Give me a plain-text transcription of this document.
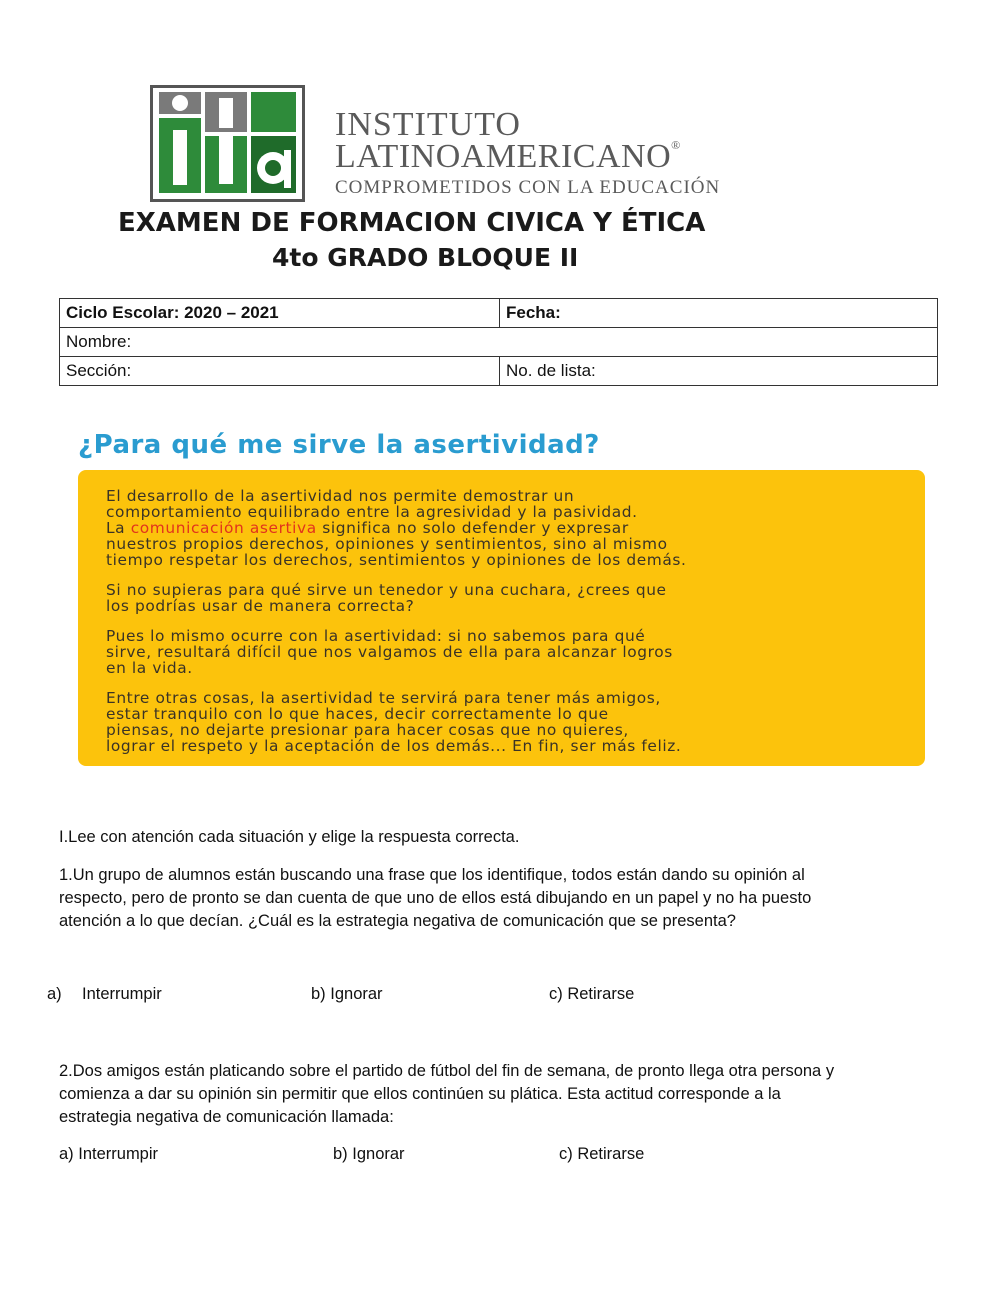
INSTITUTO
LATINOAMERICANO®
COMPROMETIDOS CON LA EDUCACIÓN
EXAMEN DE FORMACION CIVICA Y ÉTICA
4to GRADO BLOQUE II
Ciclo Escolar: 2020 – 2021	Fecha:
Nombre:	
Sección:	No. de lista:
¿Para qué me sirve la asertividad?
El desarrollo de la asertividad nos permite demostrar un
comportamiento equilibrado entre la agresividad y la pasividad.
La comunicación asertiva significa no solo defender y expresar
nuestros propios derechos, opiniones y sentimientos, sino al mismo
tiempo respetar los derechos, sentimientos y opiniones de los demás.
Si no supieras para qué sirve un tenedor y una cuchara, ¿crees que
los podrías usar de manera correcta?
Pues lo mismo ocurre con la asertividad: si no sabemos para qué
sirve, resultará difícil que nos valgamos de ella para alcanzar logros
en la vida.
Entre otras cosas, la asertividad te servirá para tener más amigos,
estar tranquilo con lo que haces, decir correctamente lo que
piensas, no dejarte presionar para hacer cosas que no quieres,
lograr el respeto y la aceptación de los demás... En fin, ser más feliz.
I.Lee con atención cada situación y elige la respuesta correcta.
1.Un grupo de alumnos están buscando una frase que los identifique, todos están dando su opinión al
respecto, pero de pronto se dan cuenta de que uno de ellos está dibujando en un papel y no ha puesto
atención a lo que decían. ¿Cuál es la estrategia negativa de comunicación que se presenta?
a) Interrumpir	b) Ignorar	c) Retirarse
2.Dos amigos están platicando sobre el partido de fútbol del fin de semana, de pronto llega otra persona y
comienza a dar su opinión sin permitir que ellos continúen su plática. Esta actitud corresponde a la
estrategia negativa de comunicación llamada:
a) Interrumpir	b) Ignorar	c) Retirarse
